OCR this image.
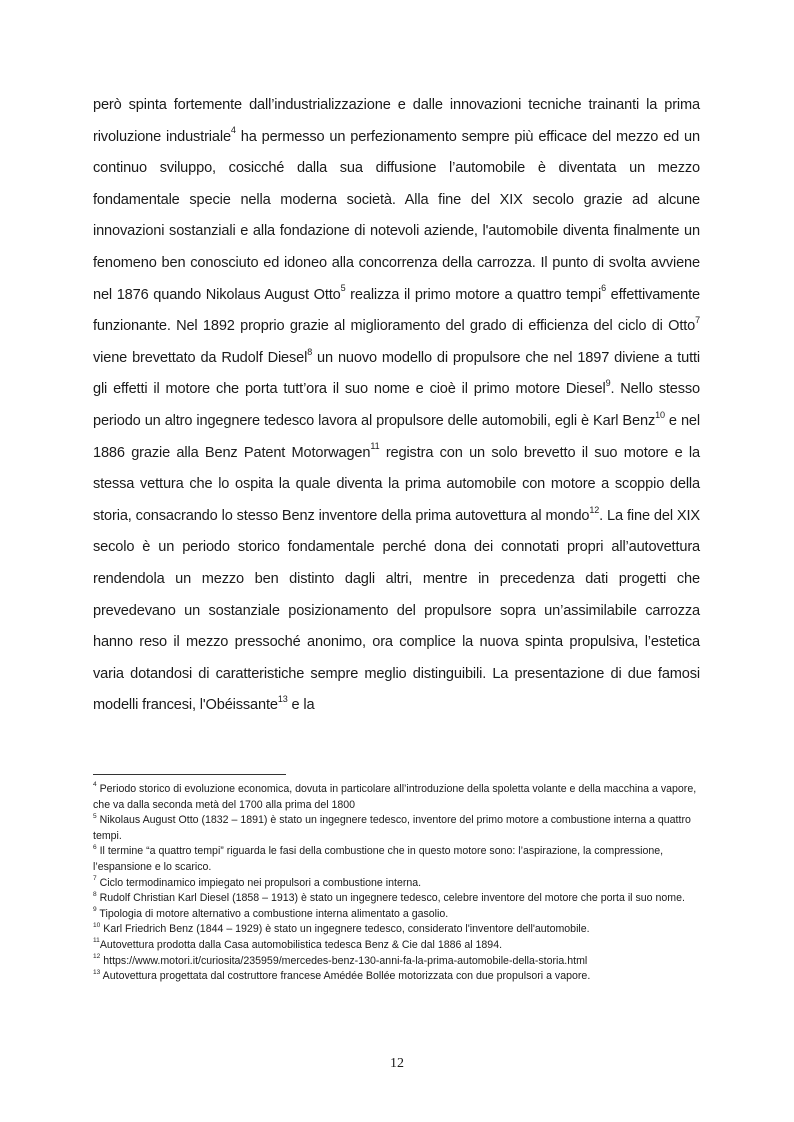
però spinta fortemente dall’industrializzazione e dalle innovazioni tecniche trainanti la prima rivoluzione industriale$^4$ ha permesso un perfezionamento sempre più efficace del mezzo ed un continuo sviluppo, cosicché dalla sua diffusione l’automobile è diventata un mezzo fondamentale specie nella moderna società. Alla fine del XIX secolo grazie ad alcune innovazioni sostanziali e alla fondazione di notevoli aziende, l'automobile diventa finalmente un fenomeno ben conosciuto ed idoneo alla concorrenza della carrozza. Il punto di svolta avviene nel 1876 quando Nikolaus August Otto$^5$ realizza il primo motore a quattro tempi$^6$ effettivamente funzionante. Nel 1892 proprio grazie al miglioramento del grado di efficienza del ciclo di Otto$^7$ viene brevettato da Rudolf Diesel$^8$ un nuovo modello di propulsore che nel 1897 diviene a tutti gli effetti il motore che porta tutt’ora il suo nome e cioè il primo motore Diesel$^9$. Nello stesso periodo un altro ingegnere tedesco lavora al propulsore delle automobili, egli è Karl Benz$^{10}$ e nel 1886 grazie alla Benz Patent Motorwagen$^{11}$ registra con un solo brevetto il suo motore e la stessa vettura che lo ospita la quale diventa la prima automobile con motore a scoppio della storia, consacrando lo stesso Benz inventore della prima autovettura al mondo$^{12}$. La fine del XIX secolo è un periodo storico fondamentale perché dona dei connotati propri all’autovettura rendendola un mezzo ben distinto dagli altri, mentre in precedenza dati progetti che prevedevano un sostanziale posizionamento del propulsore sopra un’assimilabile carrozza hanno reso il mezzo pressoché anonimo, ora complice la nuova spinta propulsiva, l’estetica varia dotandosi di caratteristiche sempre meglio distinguibili. La presentazione di due famosi modelli francesi, l'Obéissante$^{13}$ e la

$^4$ Periodo storico di evoluzione economica, dovuta in particolare all’introduzione della spoletta volante e della macchina a vapore, che va dalla seconda metà del 1700 alla prima del 1800

$^5$ Nikolaus August Otto (1832 – 1891) è stato un ingegnere tedesco, inventore del primo motore a combustione interna a quattro tempi.

$^6$ Il termine “a quattro tempi” riguarda le fasi della combustione che in questo motore sono: l’aspirazione, la compressione, l’espansione e lo scarico.

$^7$ Ciclo termodinamico impiegato nei propulsori a combustione interna.

$^8$ Rudolf Christian Karl Diesel (1858 – 1913) è stato un ingegnere tedesco, celebre inventore del motore che porta il suo nome.

$^9$ Tipologia di motore alternativo a combustione interna alimentato a gasolio.

$^{10}$ Karl Friedrich Benz (1844 – 1929) è stato un ingegnere tedesco, considerato l'inventore dell'automobile.

$^{11}$Autovettura prodotta dalla Casa automobilistica tedesca Benz & Cie dal 1886 al 1894.

$^{12}$ https://www.motori.it/curiosita/235959/mercedes-benz-130-anni-fa-la-prima-automobile-della-storia.html

$^{13}$ Autovettura progettata dal costruttore francese Amédée Bollée motorizzata con due propulsori a vapore.

12
